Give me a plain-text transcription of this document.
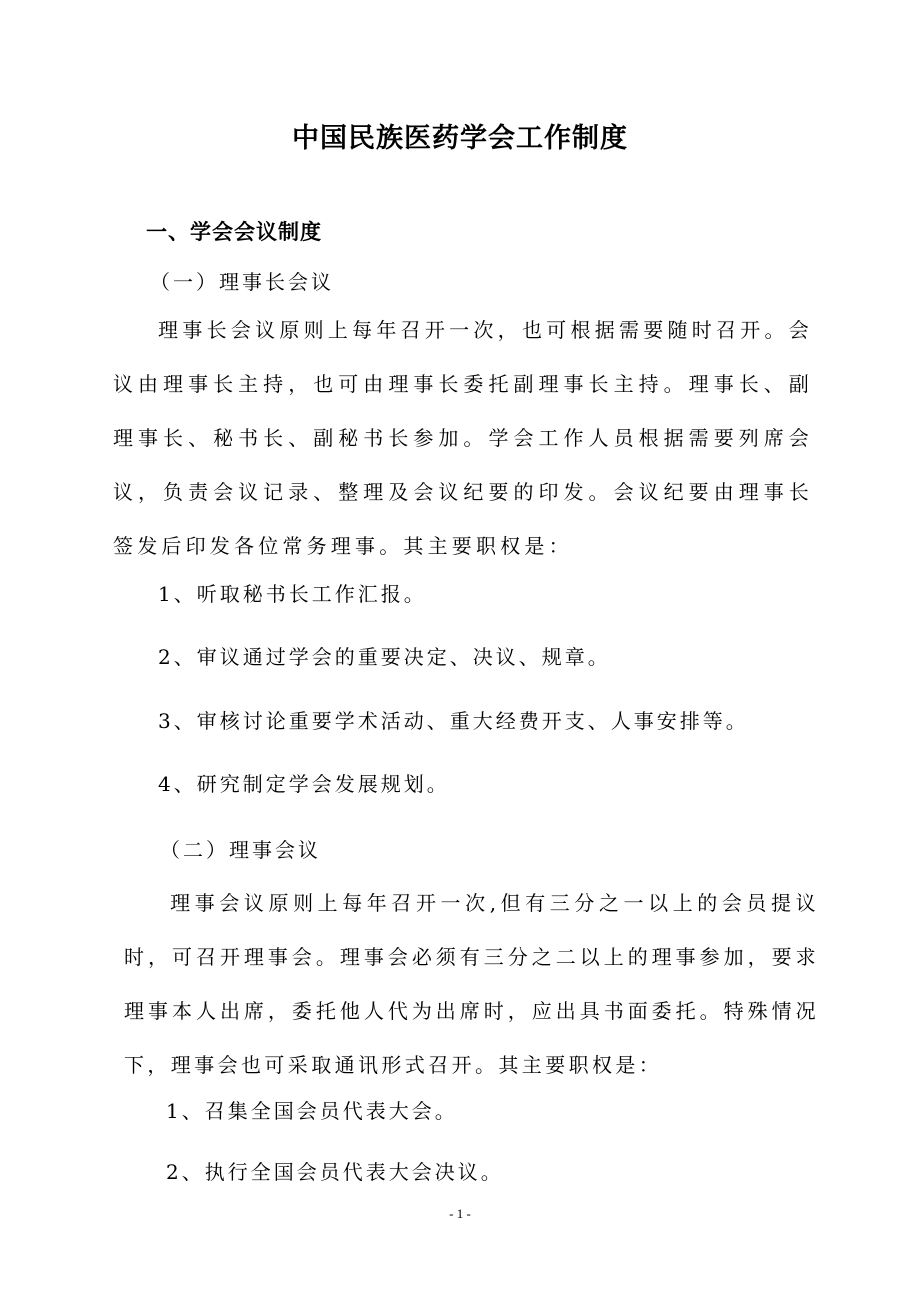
中国民族医药学会工作制度
一、学会会议制度
（一）理事长会议
理事长会议原则上每年召开一次，也可根据需要随时召开。会议由理事长主持，也可由理事长委托副理事长主持。理事长、副理事长、秘书长、副秘书长参加。学会工作人员根据需要列席会议，负责会议记录、整理及会议纪要的印发。会议纪要由理事长签发后印发各位常务理事。其主要职权是：
1、听取秘书长工作汇报。
2、审议通过学会的重要决定、决议、规章。
3、审核讨论重要学术活动、重大经费开支、人事安排等。
4、研究制定学会发展规划。
（二）理事会议
理事会议原则上每年召开一次,但有三分之一以上的会员提议时，可召开理事会。理事会必须有三分之二以上的理事参加，要求理事本人出席，委托他人代为出席时，应出具书面委托。特殊情况下，理事会也可采取通讯形式召开。其主要职权是：
1、召集全国会员代表大会。
2、执行全国会员代表大会决议。
- 1 -
